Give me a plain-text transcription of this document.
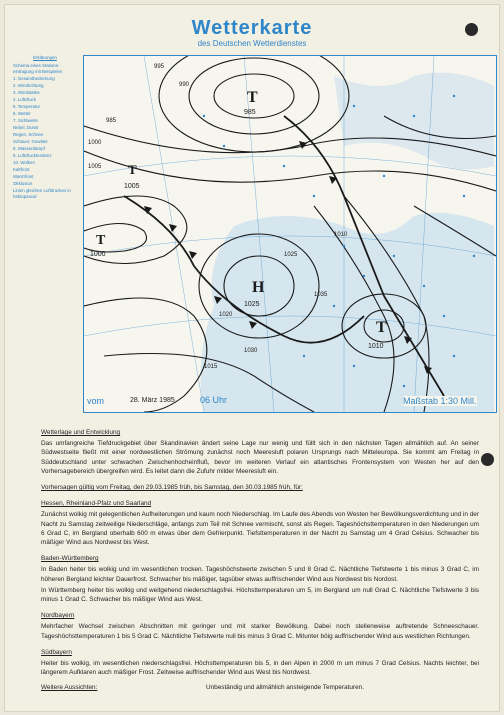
Wetterkarte
des Deutschen Wetterdienstes
Erklärungen
Schema eines Stations-eintragung mit Beispielen
1. Gesamtbedeckung
2. Windrichtung
3. Windstärke
4. Luftdruck
5. Temperatur
6. Wetter
7. Sichtweite
Nebel, Dunst
Regen, Schnee
Schauer, Gewitter
8. Wasserdampf
9. Luftdrucktendenz
10. Wolken
Kaltfront
Warmfront
Okklusion
Linien gleichen Luftdruckes in hektopascal
T
T
H
T
T
985
1000
1025
1010
1005
985
990
995
1000
1005
1010
1015
1020
1025
1030
1035
vom	28. März 1985	06 Uhr	Maßstab 1:30 Mill.
Wetterlage und Entwicklung
Das umfangreiche Tiefdruckgebiet über Skandinavien ändert seine Lage nur wenig und füllt sich in den nächsten Tagen allmählich auf. An seiner Südwestseite fließt mit einer nordwestlichen Strömung zunächst noch Meeresluft polaren Ursprungs nach Mitteleuropa. Sie kommt am Freitag in Süddeutschland unter schwachen Zwischenhocheinfluß, bevor im weiteren Verlauf ein atlantisches Frontensystem von Westen her auf den Vorhersagebereich übergreifen wird. Es leitet dann die Zufuhr milder Meeresluft ein.
Vorhersagen gültig vom Freitag, den 29.03.1985 früh, bis Samstag, den 30.03.1985 früh, für:
Hessen, Rheinland-Pfalz und Saarland
Zunächst wolkig mit gelegentlichen Aufheiterungen und kaum noch Niederschlag. Im Laufe des Abends von Westen her Bewölkungsverdichtung und in der Nacht zu Samstag zeitweilige Niederschläge, anfangs zum Teil mit Schnee vermischt, sonst als Regen. Tageshöchsttemperaturen in den Niederungen um 6 Grad C, im Bergland oberhalb 600 m etwas über dem Gefrierpunkt. Tiefsttemperaturen in der Nacht zu Samstag um 4 Grad Celsius. Schwacher bis mäßiger Wind aus Nordwest bis West.
Baden-Württemberg
In Baden heiter bis wolkig und im wesentlichen trocken. Tageshöchstwerte zwischen 5 und 8 Grad C. Nächtliche Tiefstwerte 1 bis minus 3 Grad C, im höheren Bergland leichter Dauerfrost. Schwacher bis mäßiger, tagsüber etwas auffrischender Wind aus Nordwest bis Nordost.
In Württemberg heiter bis wolkig und weitgehend niederschlagsfrei. Höchsttemperaturen um 5, im Bergland um null Grad C. Nächtliche Tiefstwerte 3 bis minus 1 Grad C. Schwacher bis mäßiger Wind aus West.
Nordbayern
Mehrfacher Wechsel zwischen Abschnitten mit geringer und mit starker Bewölkung. Dabei noch stellenweise auftretende Schneeschauer. Tageshöchsttemperaturen 1 bis 5 Grad C. Nächtliche Tiefstwerte null bis minus 3 Grad C. Mitunter böig auffrischender Wind aus westlichen Richtungen.
Südbayern
Heiter bis wolkig, im wesentlichen niederschlagsfrei. Höchsttemperaturen bis 5, in den Alpen in 2000 m um minus 7 Grad Celsius. Nachts leichter, bei längerem Aufklaren auch mäßiger Frost. Zeitweise auffrischender Wind aus West bis Nordwest.
Weitere Aussichten:	Unbeständig und allmählich ansteigende Temperaturen.
